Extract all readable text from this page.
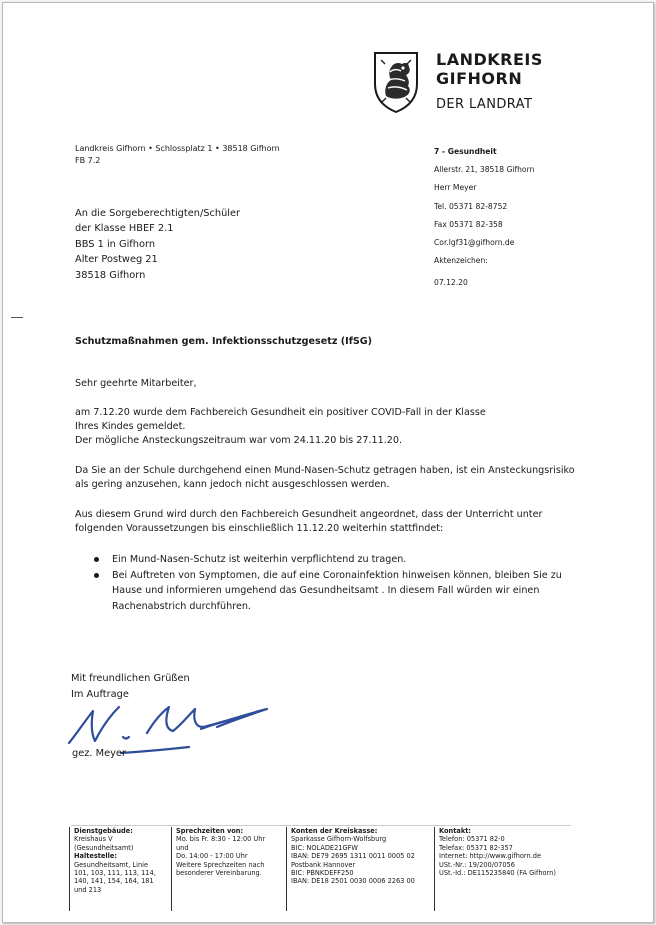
LANDKREIS
GIFHORN
DER LANDRAT
Landkreis Gifhorn • Schlossplatz 1 • 38518 Gifhorn
FB 7.2
7 - Gesundheit
Allerstr. 21, 38518 Gifhorn
Herr Meyer
Tel. 05371 82-8752
Fax 05371 82-358
Cor.lgf31@gifhorn.de
Aktenzeichen:
07.12.20
An die Sorgeberechtigten/Schüler
der Klasse HBEF 2.1
BBS 1 in Gifhorn
Alter Postweg 21
38518 Gifhorn
Schutzmaßnahmen gem. Infektionsschutzgesetz (IfSG)
Sehr geehrte Mitarbeiter,
am 7.12.20 wurde dem Fachbereich Gesundheit ein positiver COVID-Fall in der Klasse
Ihres Kindes gemeldet.
Der mögliche Ansteckungszeitraum war vom 24.11.20 bis 27.11.20.
Da Sie an der Schule durchgehend einen Mund-Nasen-Schutz getragen haben, ist ein Ansteckungsrisiko
als gering anzusehen, kann jedoch nicht ausgeschlossen werden.
Aus diesem Grund wird durch den Fachbereich Gesundheit angeordnet, dass der Unterricht unter
folgenden Voraussetzungen bis einschließlich 11.12.20 weiterhin stattfindet:
Ein Mund-Nasen-Schutz ist weiterhin verpflichtend zu tragen.
Bei Auftreten von Symptomen, die auf eine Coronainfektion hinweisen können, bleiben Sie zu
Hause und informieren umgehend das Gesundheitsamt . In diesem Fall würden wir einen
Rachenabstrich durchführen.
Mit freundlichen Grüßen
Im Auftrage
gez. Meyer
Dienstgebäude:
Kreishaus V
(Gesundheitsamt)
Haltestelle:
Gesundheitsamt, Linie
101, 103, 111, 113, 114,
140, 141, 154, 164, 181
und 213
Sprechzeiten von:
Mo. bis Fr. 8:30 - 12:00 Uhr
und
Do. 14:00 - 17:00 Uhr
Weitere Sprechzeiten nach
besonderer Vereinbarung.
Konten der Kreiskasse:
Sparkasse Gifhorn-Wolfsburg
BIC: NOLADE21GFW
IBAN: DE79 2695 1311 0011 0005 02
Postbank Hannover
BIC: PBNKDEFF250
IBAN: DE18 2501 0030 0006 2263 00
Kontakt:
Telefon: 05371 82-0
Telefax: 05371 82-357
Internet: http://www.gifhorn.de
USt.-Nr.: 19/200/07056
USt.-Id.: DE115235840 (FA Gifhorn)
